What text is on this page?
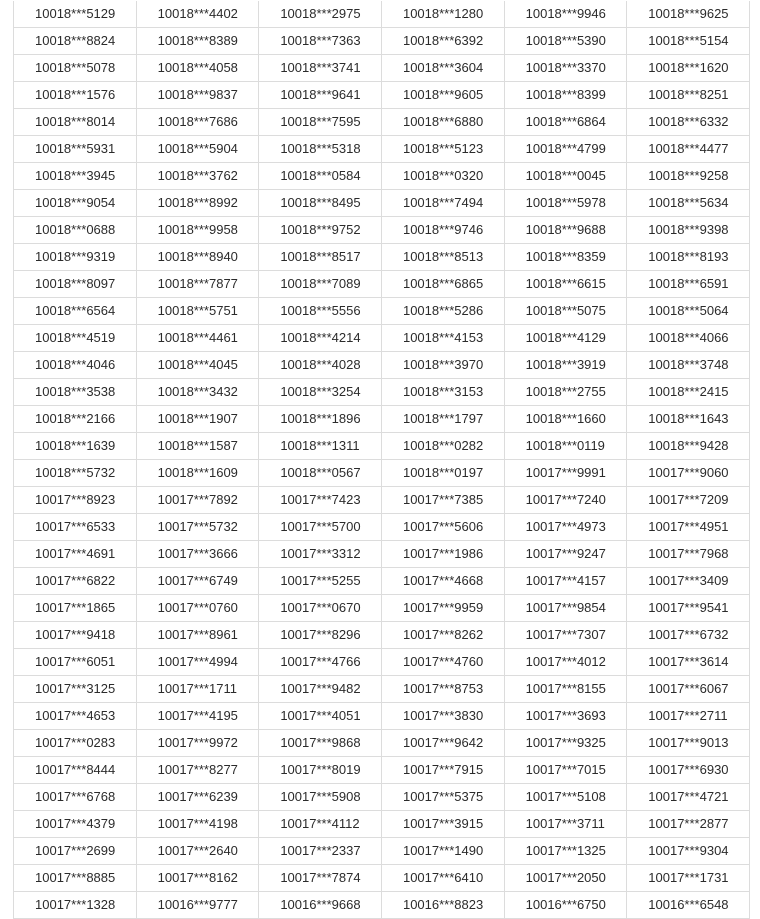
10018***5129	10018***4402	10018***2975	10018***1280	10018***9946	10018***9625
10018***8824	10018***8389	10018***7363	10018***6392	10018***5390	10018***5154
10018***5078	10018***4058	10018***3741	10018***3604	10018***3370	10018***1620
10018***1576	10018***9837	10018***9641	10018***9605	10018***8399	10018***8251
10018***8014	10018***7686	10018***7595	10018***6880	10018***6864	10018***6332
10018***5931	10018***5904	10018***5318	10018***5123	10018***4799	10018***4477
10018***3945	10018***3762	10018***0584	10018***0320	10018***0045	10018***9258
10018***9054	10018***8992	10018***8495	10018***7494	10018***5978	10018***5634
10018***0688	10018***9958	10018***9752	10018***9746	10018***9688	10018***9398
10018***9319	10018***8940	10018***8517	10018***8513	10018***8359	10018***8193
10018***8097	10018***7877	10018***7089	10018***6865	10018***6615	10018***6591
10018***6564	10018***5751	10018***5556	10018***5286	10018***5075	10018***5064
10018***4519	10018***4461	10018***4214	10018***4153	10018***4129	10018***4066
10018***4046	10018***4045	10018***4028	10018***3970	10018***3919	10018***3748
10018***3538	10018***3432	10018***3254	10018***3153	10018***2755	10018***2415
10018***2166	10018***1907	10018***1896	10018***1797	10018***1660	10018***1643
10018***1639	10018***1587	10018***1311	10018***0282	10018***0119	10018***9428
10018***5732	10018***1609	10018***0567	10018***0197	10017***9991	10017***9060
10017***8923	10017***7892	10017***7423	10017***7385	10017***7240	10017***7209
10017***6533	10017***5732	10017***5700	10017***5606	10017***4973	10017***4951
10017***4691	10017***3666	10017***3312	10017***1986	10017***9247	10017***7968
10017***6822	10017***6749	10017***5255	10017***4668	10017***4157	10017***3409
10017***1865	10017***0760	10017***0670	10017***9959	10017***9854	10017***9541
10017***9418	10017***8961	10017***8296	10017***8262	10017***7307	10017***6732
10017***6051	10017***4994	10017***4766	10017***4760	10017***4012	10017***3614
10017***3125	10017***1711	10017***9482	10017***8753	10017***8155	10017***6067
10017***4653	10017***4195	10017***4051	10017***3830	10017***3693	10017***2711
10017***0283	10017***9972	10017***9868	10017***9642	10017***9325	10017***9013
10017***8444	10017***8277	10017***8019	10017***7915	10017***7015	10017***6930
10017***6768	10017***6239	10017***5908	10017***5375	10017***5108	10017***4721
10017***4379	10017***4198	10017***4112	10017***3915	10017***3711	10017***2877
10017***2699	10017***2640	10017***2337	10017***1490	10017***1325	10017***9304
10017***8885	10017***8162	10017***7874	10017***6410	10017***2050	10017***1731
10017***1328	10016***9777	10016***9668	10016***8823	10016***6750	10016***6548
